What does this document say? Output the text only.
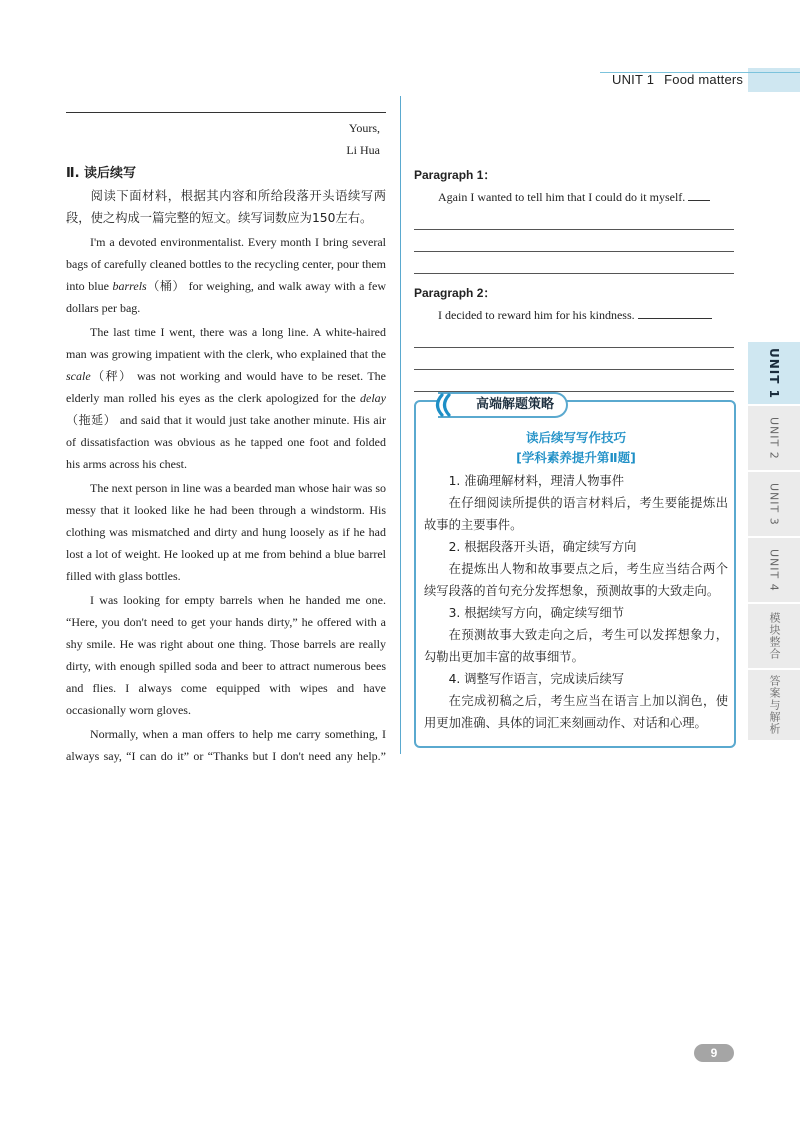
UNIT 1 Food matters
Yours,
Li Hua
Ⅱ. 读后续写

阅读下面材料，根据其内容和所给段落开头语续写两段，使之构成一篇完整的短文。续写词数应为150左右。

I'm a devoted environmentalist. Every month I bring several bags of carefully cleaned bottles to the recycling center, pour them into blue barrels（桶） for weighing, and walk away with a few dollars per bag.

The last time I went, there was a long line. A white-haired man was growing impatient with the clerk, who explained that the scale（秤） was not working and would have to be reset. The elderly man rolled his eyes as the clerk apologized for the delay（拖延） and said that it would just take another minute. His air of dissatisfaction was obvious as he tapped one foot and folded his arms across his chest.

The next person in line was a bearded man whose hair was so messy that it looked like he had been through a windstorm. His clothing was mismatched and dirty and hung loosely as if he had lost a lot of weight. He looked up at me from behind a blue barrel filled with glass bottles.

I was looking for empty barrels when he handed me one. “Here, you don't need to get your hands dirty,” he offered with a shy smile. He was right about one thing. Those barrels are really dirty, with enough spilled soda and beer to attract numerous bees and flies. I always come equipped with wipes and have occasionally worn gloves.

Normally, when a man offers to help me carry something, I always say, “I can do it” or “Thanks but I don't need any help.”

Paragraph 1：
Again I wanted to tell him that I could do it myself.
Paragraph 2：
I decided to reward him for his kindness.
高端解题策略
读后续写写作技巧
[学科素养提升第Ⅱ题]

1. 准确理解材料，理清人物事件

在仔细阅读所提供的语言材料后，考生要能提炼出故事的主要事件。

2. 根据段落开头语，确定续写方向

在提炼出人物和故事要点之后，考生应当结合两个续写段落的首句充分发挥想象，预测故事的大致走向。

3. 根据续写方向，确定续写细节

在预测故事大致走向之后，考生可以发挥想象力，勾勒出更加丰富的故事细节。

4. 调整写作语言，完成读后续写

在完成初稿之后，考生应当在语言上加以润色，使用更加准确、具体的词汇来刻画动作、对话和心理。

UNIT 1
UNIT 2
UNIT 3
UNIT 4
模块整合
答案与解析
9
